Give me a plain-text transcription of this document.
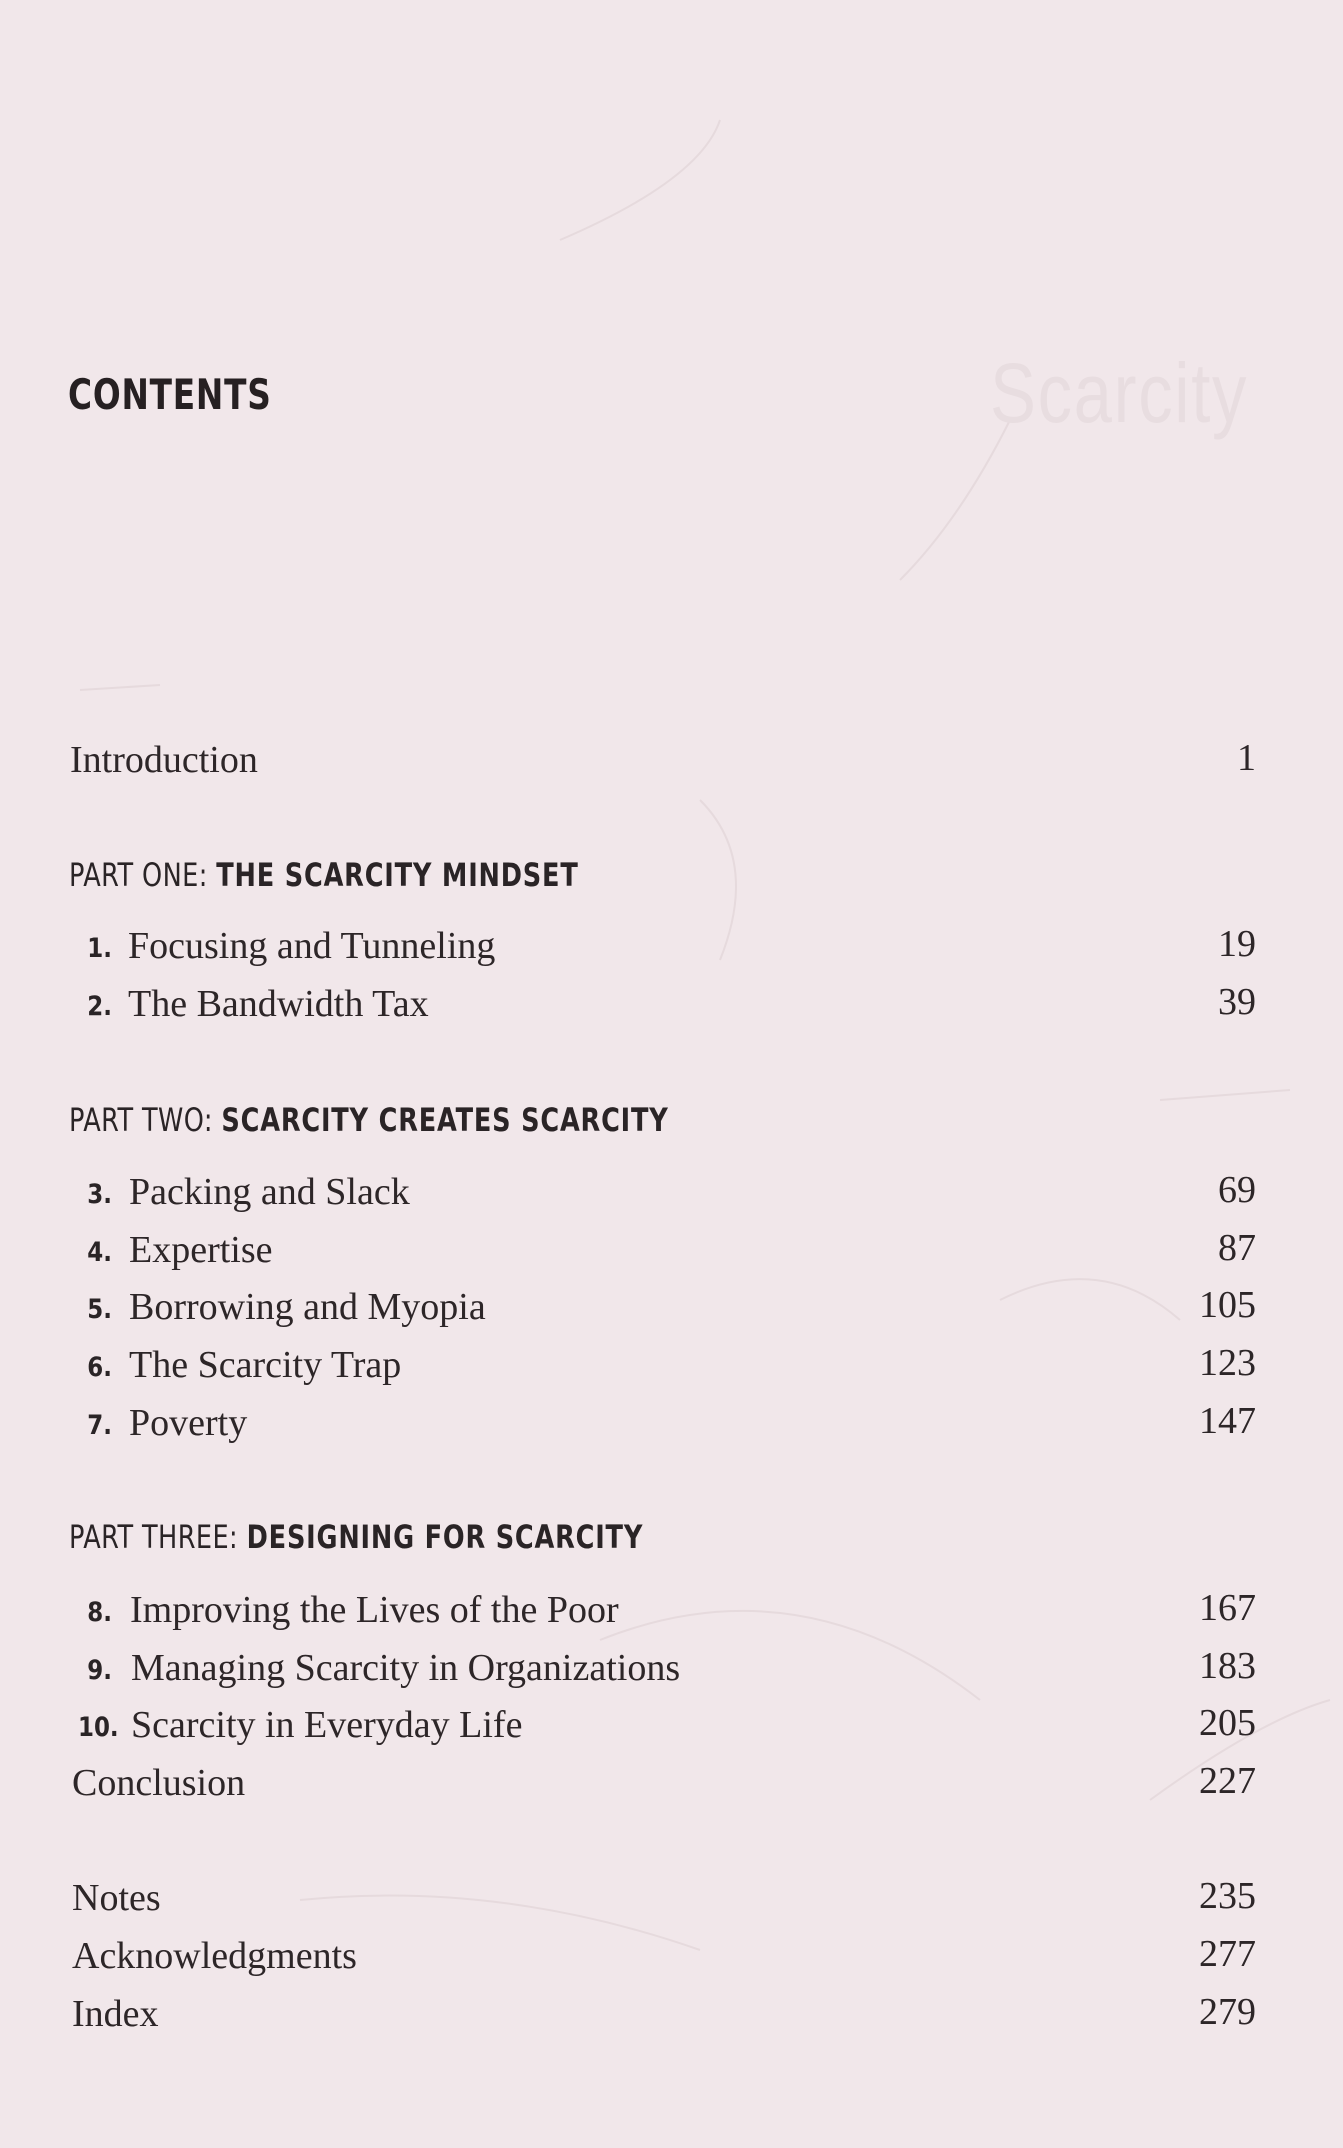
Scarcity
CONTENTS
Introduction	1
PART ONE: THE SCARCITY MINDSET
1. Focusing and Tunneling	19
2. The Bandwidth Tax	39
PART TWO: SCARCITY CREATES SCARCITY
3. Packing and Slack	69
4. Expertise	87
5. Borrowing and Myopia	105
6. The Scarcity Trap	123
7. Poverty	147
PART THREE: DESIGNING FOR SCARCITY
8. Improving the Lives of the Poor	167
9. Managing Scarcity in Organizations	183
10. Scarcity in Everyday Life	205
Conclusion	227
Notes	235
Acknowledgments	277
Index	279
